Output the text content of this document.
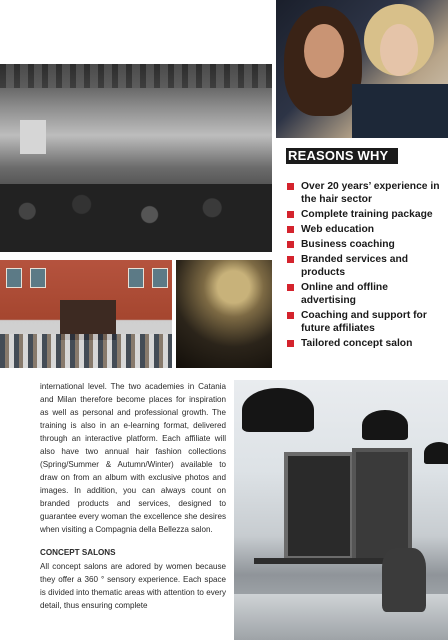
REASONS WHY
Over 20 years’ experience in the hair sector
Complete training package
Web education
Business coaching
Branded services and products
Online and offline advertising
Coaching and support for future affiliates
Tailored concept salon

international level. The two academies in Catania and Milan therefore become places for inspiration as well as personal and professional growth. The training is also in an e-learning format, delivered through an interactive platform. Each affiliate will also have two annual hair fashion collections (Spring/Summer & Autumn/Winter) available to draw on from an album with exclusive photos and images. In addition, you can always count on branded products and services, designed to guarantee every woman the excellence she desires when visiting a Compagnia della Bellezza salon.

CONCEPT SALONS

All concept salons are adored by women because they offer a 360 ° sensory experience. Each space is divided into thematic areas with attention to every detail, thus ensuring complete
